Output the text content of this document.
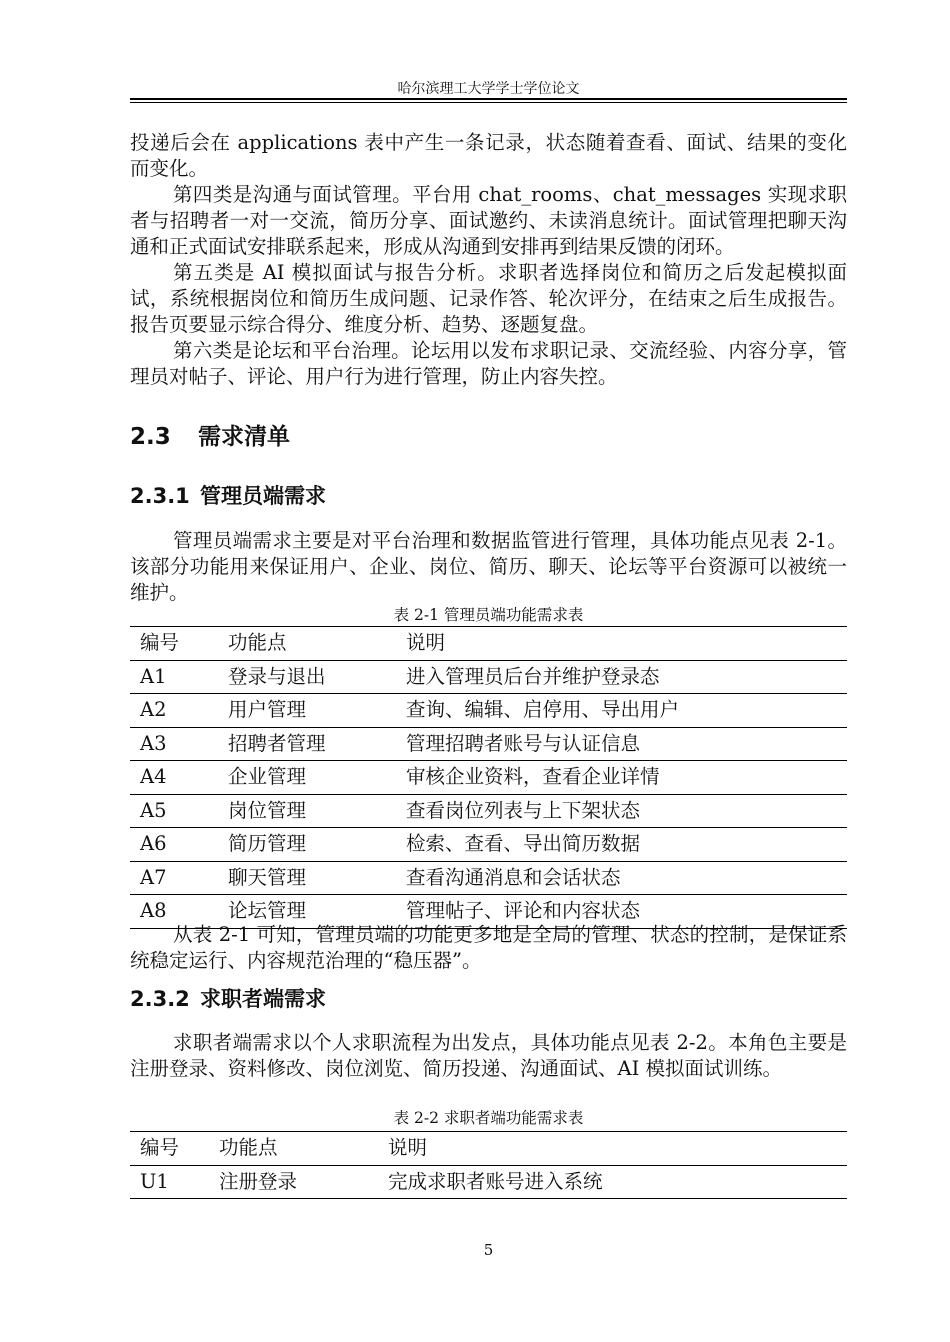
哈尔滨理工大学学士学位论文

投递后会在 applications 表中产生一条记录，状态随着查看、面试、结果的变化而变化。

第四类是沟通与面试管理。平台用 chat_rooms、chat_messages 实现求职者与招聘者一对一交流，简历分享、面试邀约、未读消息统计。面试管理把聊天沟通和正式面试安排联系起来，形成从沟通到安排再到结果反馈的闭环。

第五类是 AI 模拟面试与报告分析。求职者选择岗位和简历之后发起模拟面试，系统根据岗位和简历生成问题、记录作答、轮次评分，在结束之后生成报告。报告页要显示综合得分、维度分析、趋势、逐题复盘。

第六类是论坛和平台治理。论坛用以发布求职记录、交流经验、内容分享，管理员对帖子、评论、用户行为进行管理，防止内容失控。

2.3 需求清单
2.3.1 管理员端需求

管理员端需求主要是对平台治理和数据监管进行管理，具体功能点见表 2-1。该部分功能用来保证用户、企业、岗位、简历、聊天、论坛等平台资源可以被统一维护。

表 2-1 管理员端功能需求表
编号	功能点	说明
A1	登录与退出	进入管理员后台并维护登录态
A2	用户管理	查询、编辑、启停用、导出用户
A3	招聘者管理	管理招聘者账号与认证信息
A4	企业管理	审核企业资料，查看企业详情
A5	岗位管理	查看岗位列表与上下架状态
A6	简历管理	检索、查看、导出简历数据
A7	聊天管理	查看沟通消息和会话状态
A8	论坛管理	管理帖子、评论和内容状态

从表 2-1 可知，管理员端的功能更多地是全局的管理、状态的控制，是保证系统稳定运行、内容规范治理的“稳压器”。

2.3.2 求职者端需求

求职者端需求以个人求职流程为出发点，具体功能点见表 2-2。本角色主要是注册登录、资料修改、岗位浏览、简历投递、沟通面试、AI 模拟面试训练。

表 2-2 求职者端功能需求表
编号	功能点	说明
U1	注册登录	完成求职者账号进入系统
5
